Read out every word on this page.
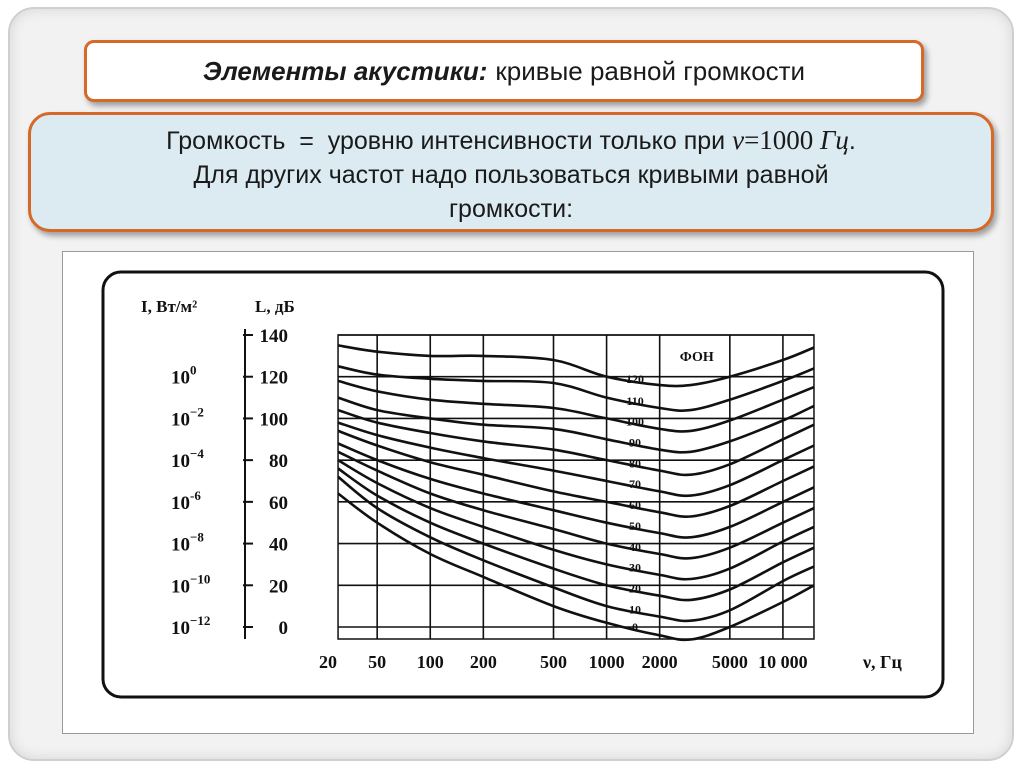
Элементы акустики: кривые равной громкости
Громкость  =  уровню интенсивности только при ν=1000 Гц.
Для других частот надо пользоваться кривыми равной
громкости:
120
110
100
90
80
70
60
50
40
30
20
10
0
ФОН
140
120
100
80
60
40
20
0
$10^0$
$10^{-2}$
$10^{-4}$
$10^{-6}$
$10^{-8}$
$10^{-10}$
$10^{-12}$
I, Вт/м²	L, дБ
20 50 100 200 500 1000 2000 5000 10 000	ν, Гц
